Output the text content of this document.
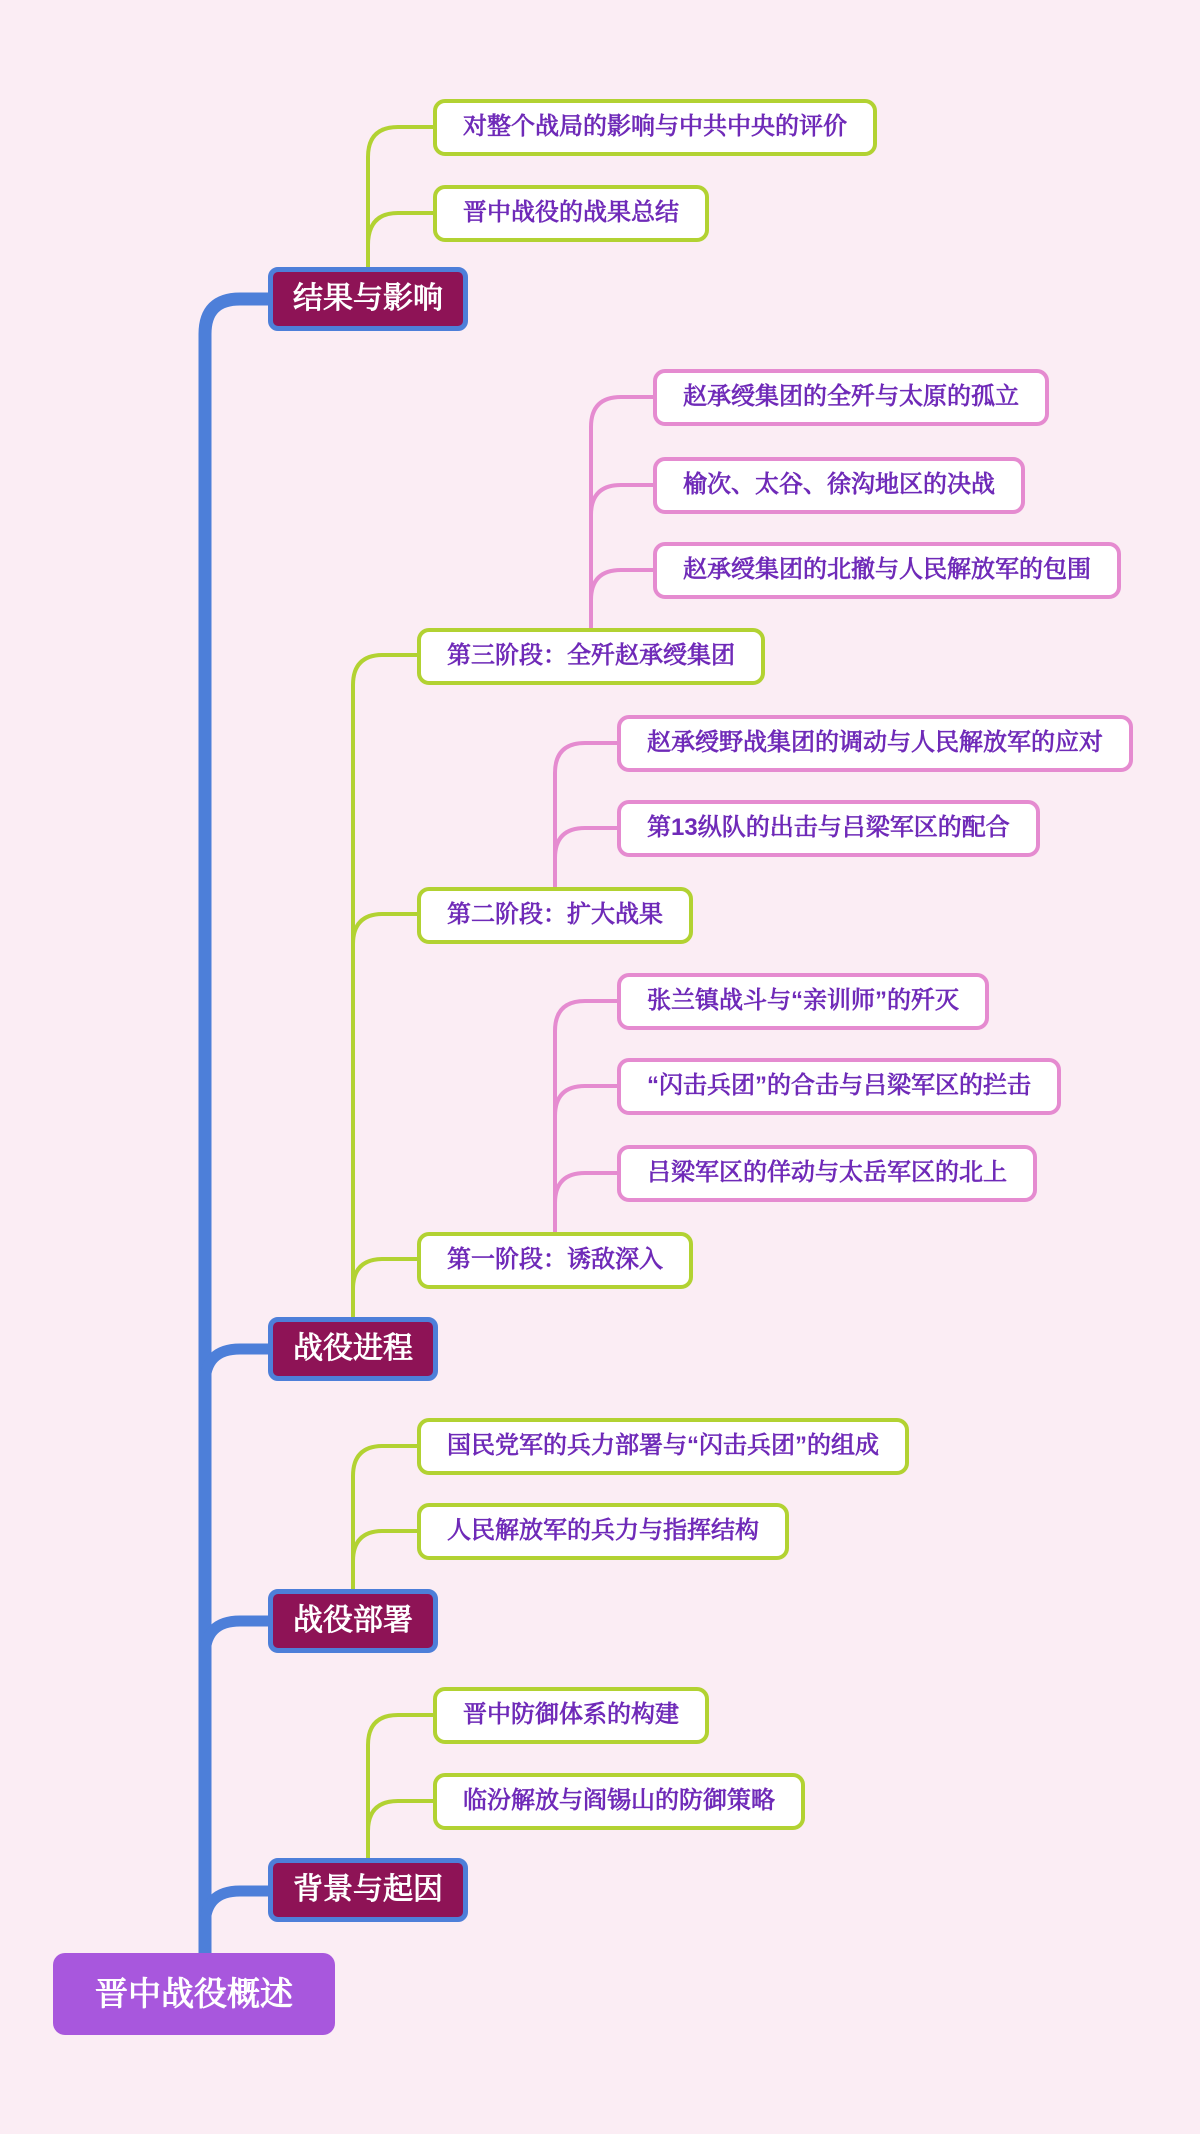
对整个战局的影响与中共中央的评价
晋中战役的战果总结
结果与影响
赵承绶集团的全歼与太原的孤立
榆次、太谷、徐沟地区的决战
赵承绶集团的北撤与人民解放军的包围
第三阶段：全歼赵承绶集团
赵承绶野战集团的调动与人民解放军的应对
第13纵队的出击与吕梁军区的配合
第二阶段：扩大战果
张兰镇战斗与“亲训师”的歼灭
“闪击兵团”的合击与吕梁军区的拦击
吕梁军区的佯动与太岳军区的北上
第一阶段：诱敌深入
战役进程
国民党军的兵力部署与“闪击兵团”的组成
人民解放军的兵力与指挥结构
战役部署
晋中防御体系的构建
临汾解放与阎锡山的防御策略
背景与起因
晋中战役概述
